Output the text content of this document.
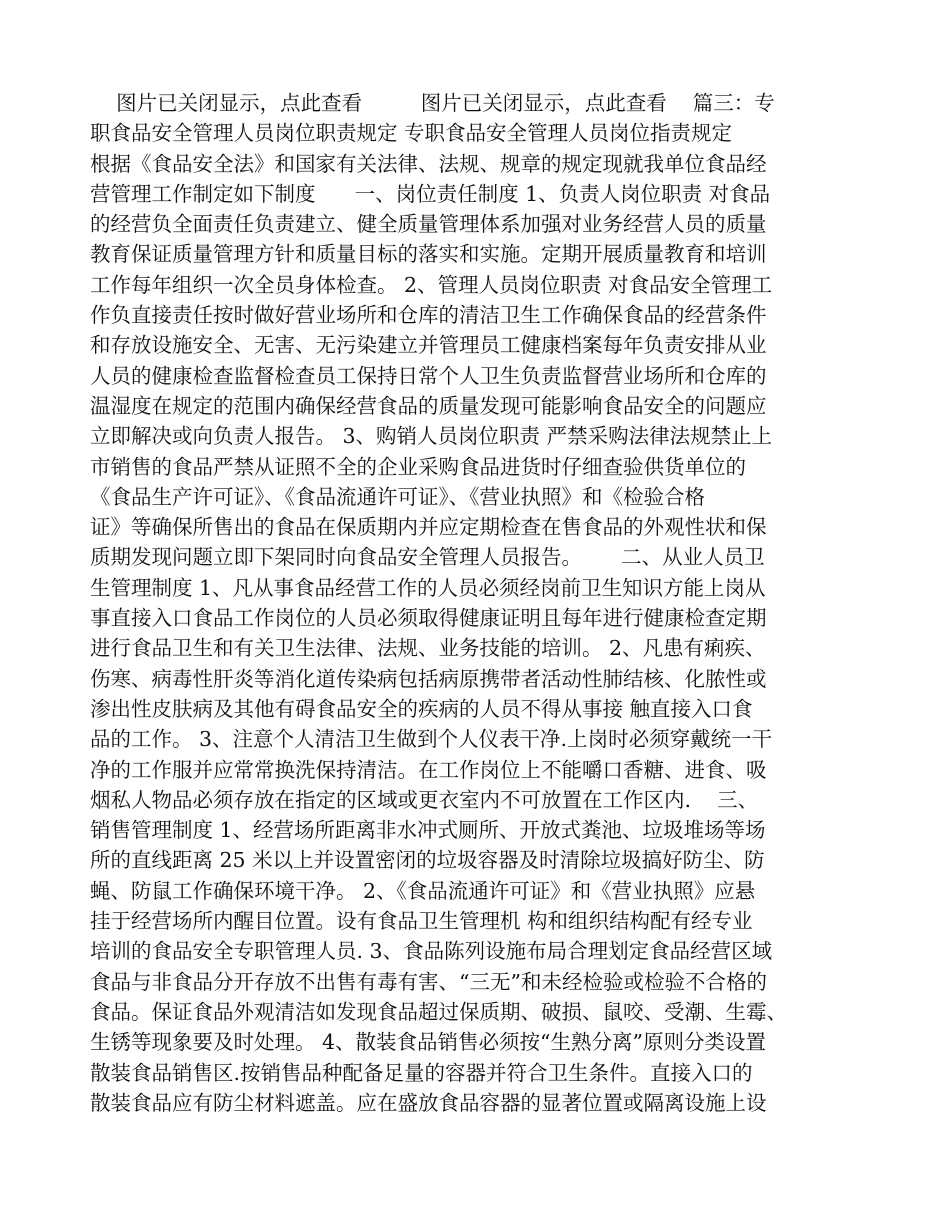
图片已关闭显示，点此查看         图片已关闭显示，点此查看    篇三：专
职食品安全管理人员岗位职责规定 专职食品安全管理人员岗位指责规定
根据《食品安全法》和国家有关法律、法规、规章的规定现就我单位食品经
营管理工作制定如下制度      一、岗位责任制度 1、负责人岗位职责 对食品
的经营负全面责任负责建立、健全质量管理体系加强对业务经营人员的质量
教育保证质量管理方针和质量目标的落实和实施。定期开展质量教育和培训
工作每年组织一次全员身体检查。 2、管理人员岗位职责 对食品安全管理工
作负直接责任按时做好营业场所和仓库的清洁卫生工作确保食品的经营条件
和存放设施安全、无害、无污染建立并管理员工健康档案每年负责安排从业
人员的健康检查监督检查员工保持日常个人卫生负责监督营业场所和仓库的
温湿度在规定的范围内确保经营食品的质量发现可能影响食品安全的问题应
立即解决或向负责人报告。 3、购销人员岗位职责 严禁采购法律法规禁止上
市销售的食品严禁从证照不全的企业采购食品进货时仔细查验供货单位的
《食品生产许可证》、《食品流通许可证》、《营业执照》和《检验合格
证》等确保所售出的食品在保质期内并应定期检查在售食品的外观性状和保
质期发现问题立即下架同时向食品安全管理人员报告。      二、从业人员卫
生管理制度 1、凡从事食品经营工作的人员必须经岗前卫生知识方能上岗从
事直接入口食品工作岗位的人员必须取得健康证明且每年进行健康检查定期
进行食品卫生和有关卫生法律、法规、业务技能的培训。 2、凡患有痢疾、
伤寒、病毒性肝炎等消化道传染病包括病原携带者活动性肺结核、化脓性或
渗出性皮肤病及其他有碍食品安全的疾病的人员不得从事接 触直接入口食
品的工作。 3、注意个人清洁卫生做到个人仪表干净.上岗时必须穿戴统一干
净的工作服并应常常换洗保持清洁。在工作岗位上不能嚼口香糖、进食、吸
烟私人物品必须存放在指定的区域或更衣室内不可放置在工作区内.    三、
销售管理制度 1、经营场所距离非水冲式厕所、开放式粪池、垃圾堆场等场
所的直线距离 25 米以上并设置密闭的垃圾容器及时清除垃圾搞好防尘、防
蝇、防鼠工作确保环境干净。 2、《食品流通许可证》和《营业执照》应悬
挂于经营场所内醒目位置。设有食品卫生管理机 构和组织结构配有经专业
培训的食品安全专职管理人员. 3、食品陈列设施布局合理划定食品经营区域
食品与非食品分开存放不出售有毒有害、“三无”和未经检验或检验不合格的
食品。保证食品外观清洁如发现食品超过保质期、破损、鼠咬、受潮、生霉、
生锈等现象要及时处理。 4、散装食品销售必须按“生熟分离”原则分类设置
散装食品销售区.按销售品种配备足量的容器并符合卫生条件。直接入口的
散装食品应有防尘材料遮盖。应在盛放食品容器的显著位置或隔离设施上设
